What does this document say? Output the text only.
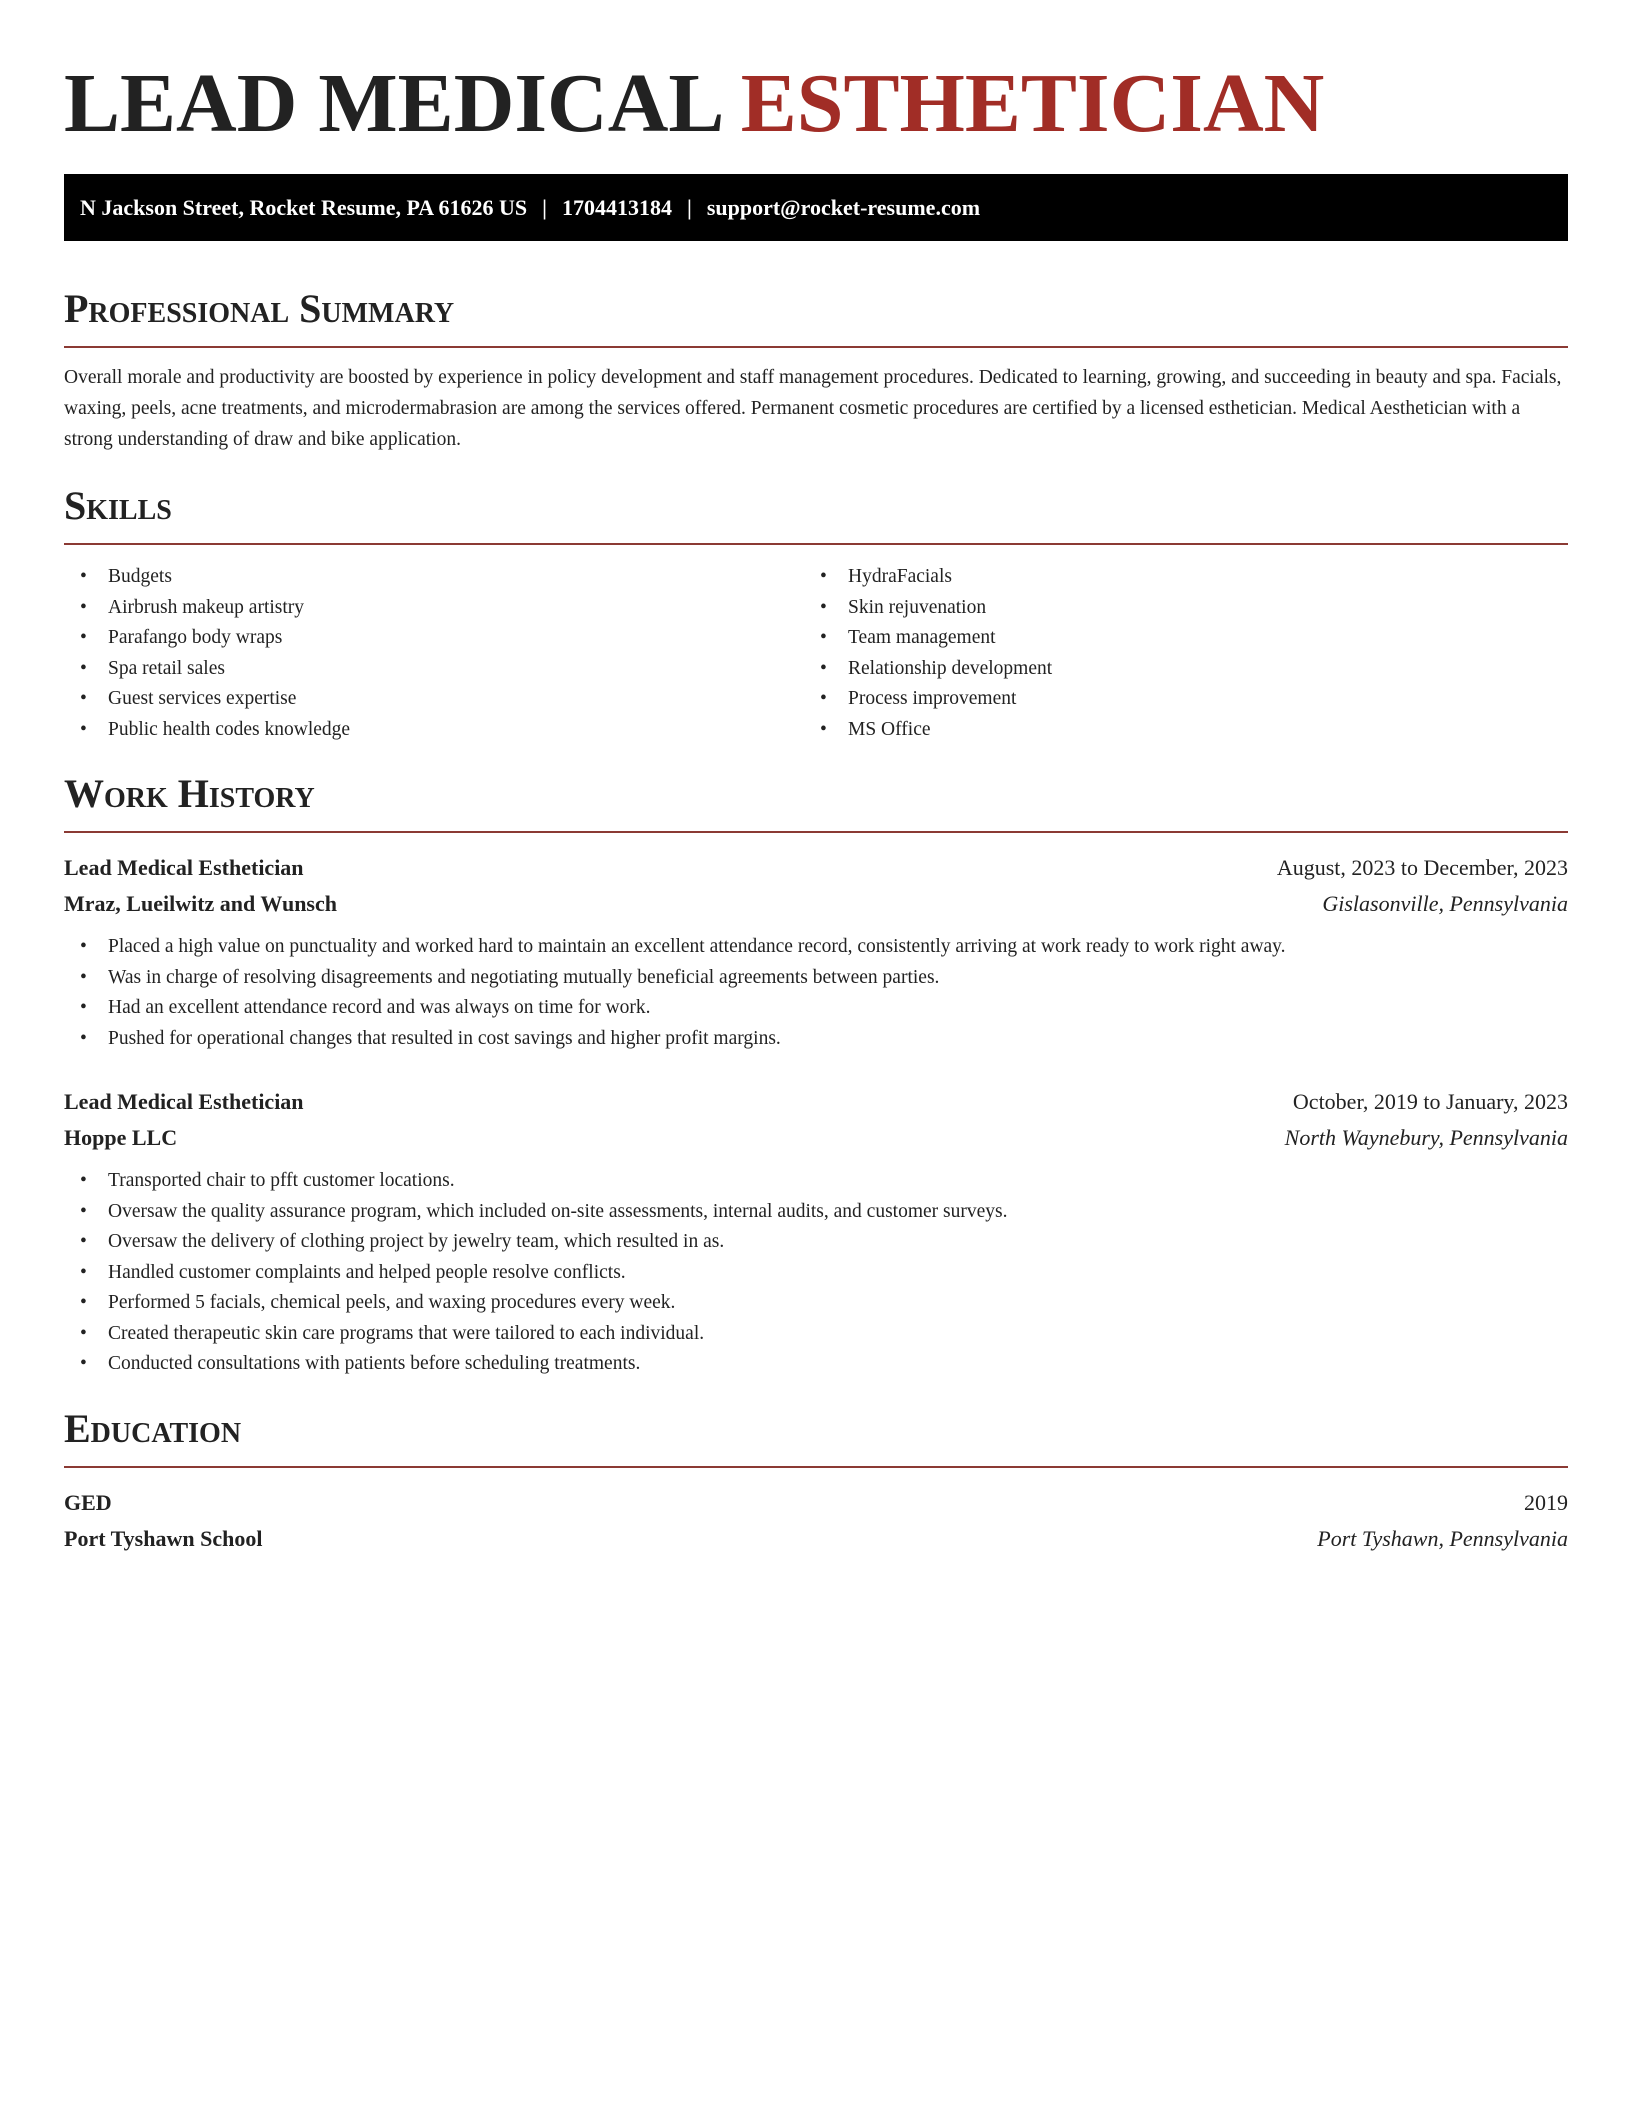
LEAD MEDICAL ESTHETICIAN
N Jackson Street, Rocket Resume, PA 61626 US | 1704413184 | support@rocket-resume.com
Professional Summary

Overall morale and productivity are boosted by experience in policy development and staff management procedures. Dedicated to learning, growing, and succeeding in beauty and spa. Facials, waxing, peels, acne treatments, and microdermabrasion are among the services offered. Permanent cosmetic procedures are certified by a licensed esthetician. Medical Aesthetician with a strong understanding of draw and bike application.

Skills
• Budgets
• Airbrush makeup artistry
• Parafango body wraps
• Spa retail sales
• Guest services expertise
• Public health codes knowledge
• HydraFacials
• Skin rejuvenation
• Team management
• Relationship development
• Process improvement
• MS Office
Work History
Lead Medical Esthetician	August, 2023 to December, 2023
Mraz, Lueilwitz and Wunsch	Gislasonville, Pennsylvania
• Placed a high value on punctuality and worked hard to maintain an excellent attendance record, consistently arriving at work ready to work right away.
• Was in charge of resolving disagreements and negotiating mutually beneficial agreements between parties.
• Had an excellent attendance record and was always on time for work.
• Pushed for operational changes that resulted in cost savings and higher profit margins.
Lead Medical Esthetician	October, 2019 to January, 2023
Hoppe LLC	North Waynebury, Pennsylvania
• Transported chair to pfft customer locations.
• Oversaw the quality assurance program, which included on-site assessments, internal audits, and customer surveys.
• Oversaw the delivery of clothing project by jewelry team, which resulted in as.
• Handled customer complaints and helped people resolve conflicts.
• Performed 5 facials, chemical peels, and waxing procedures every week.
• Created therapeutic skin care programs that were tailored to each individual.
• Conducted consultations with patients before scheduling treatments.
Education
GED	2019
Port Tyshawn School	Port Tyshawn, Pennsylvania
